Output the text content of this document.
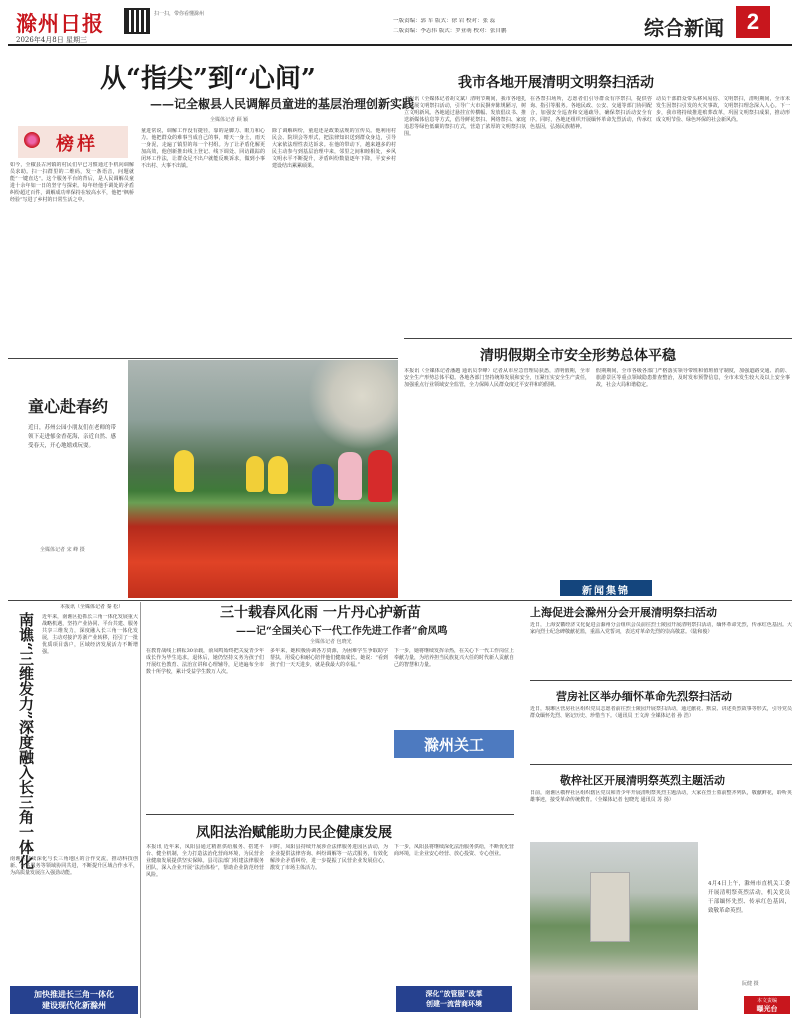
滁州日报
2026年4月8日 星期三
扫一扫，带你看懂滁州
一版责编：郭 军 版式：徐 岩 校对：张 蕊
二版责编：李志伟 版式：罗亚萌 校对：张自鹏	综合新闻	2
从“指尖”到“心间”
——记全椒县人民调解员童进的基层治理创新实践
全媒体记者 顾 颖
榜样
如今，全椒县古河镇的村民们早已习惯通过手机向调解员求助。扫一扫群里的二维码，发一条语音，问题就能“一键直达”。这个服务平台的背后，是人民调解员童进十余年如一日的坚守与探索。每年经他手调处的矛盾纠纷超过百件，调解成功率保持在较高水平，他把“枫桥经验”写进了乡村的日常生活之中。
童进常说，调解工作没有捷径，靠的是脚力、眼力和心力。他把群众的难事当成自己的事，晴天一身土，雨天一身泥，走遍了镇里的每一个村组。为了让矛盾化解更加高效，他创新推出线上登记、线下调处、回访跟踪的闭环工作法，让群众足不出户就能反映诉求，做到小事不出村、大事不出镇。
除了调解纠纷，童进还是政策法规的宣传员。他利用村民会、院坝会等形式，把法律知识送到群众身边，引导大家依法理性表达诉求。在他的带动下，越来越多的村民主动参与到基层治理中来，邻里之间和睦相处，乡风文明水平不断提升，矛盾纠纷数量逐年下降，平安乡村建设结出累累硕果。
我市各地开展清明文明祭扫活动
本报讯（全媒体记者胡文斌）清明节期间，我市各地扎实开展文明祭扫活动，引导广大市民摒弃陈规陋习，树立文明新风。各地通过悬挂宣传横幅、发放倡议书、推送新媒体信息等方式，倡导鲜花祭扫、网络祭扫、家庭追思等绿色低碳的祭扫方式，营造了浓厚的文明祭扫氛围。
在各祭扫场所，志愿者们引导群众有序祭扫，提供咨询、指引等服务。各地民政、公安、交通等部门协同配合，加强安全巡查和交通疏导，确保祭扫活动安全有序。同时，各地还组织开展缅怀革命先烈活动，传承红色基因，弘扬民族精神。
动员干部群众带头移风易俗、文明祭扫，清明期间，全市未发生因祭扫引发的火灾事故，文明祭扫理念深入人心。下一步，我市将持续推进殡葬改革，巩固文明祭扫成果，推动形成文明节俭、绿色环保的社会新风尚。
清明假期全市安全形势总体平稳
本报讯（全媒体记者潘越 通讯员李峰）记者从市应急管理局获悉，清明假期，全市安全生产形势总体平稳。各地各部门坚持统筹发展和安全，压紧压实安全生产责任，加强重点行业领域安全监管，全力保障人民群众度过平安祥和的假期。
假期期间，全市各级各部门严格落实领导带班和值班值守制度，加强道路交通、消防、旅游景区等重点领域隐患排查整治，及时发布预警信息，全市未发生较大及以上安全事故，社会大局和谐稳定。
童心赴春约
近日，苏州公园小朋友们在老师的带领下走进郁金香花海，亲近自然、感受春天，开心地嬉戏玩耍。
全媒体记者 宋 峰 摄
三十载春风化雨 一片丹心护新苗
——记“全国关心下一代工作先进工作者”俞凤鸣
全媒体记者 包晓光
在教育战线上耕耘30余载，俞凤鸣始终把关爱青少年成长作为毕生追求。退休后，她仍坚持义务为孩子们开展红色教育、法治宣讲和心理辅导，足迹遍布全市数十所学校，累计受益学生数万人次。
多年来，她积极协调各方资源，为困难学生争取助学帮扶，用爱心和耐心陪伴他们健康成长。她说：“看到孩子们一天天进步，就是我最大的幸福。”
下一步，她将继续发挥余热，在关心下一代工作岗位上奉献力量，为培养担当民族复兴大任的时代新人贡献自己的智慧和力量。
滁州关工
凤阳法治赋能助力民企健康发展
本报讯 近年来，凤阳县通过精准供给服务、搭建平台、健全机制，全力打造法治化营商环境，为民营企业健康发展提供坚实保障。县司法部门组建法律服务团队，深入企业开展“法治体检”，帮助企业防范经营风险。
同时，凤阳县持续开展涉企法律服务进园区活动，为企业提供法律咨询、纠纷调解等一站式服务，有效化解涉企矛盾纠纷，进一步提振了民营企业发展信心，激发了市场主体活力。
下一步，凤阳县将继续深化法治服务供给，不断优化营商环境，让企业安心经营、放心投资、专心创业。
深化“放管服”改革
创建一流营商环境
新闻集锦
上海促进会滁州分会开展清明祭扫活动
近日，上海安徽经济文化促进会滁州分会组织会员前往烈士陵园开展清明祭扫活动，缅怀革命先烈，传承红色基因。大家向烈士纪念碑敬献花篮，重温入党誓词，表达对革命先烈的崇高敬意。（陆和俊）
营房社区举办缅怀革命先烈祭扫活动
近日，琅琊区营房社区组织党员志愿者前往烈士陵园开展祭扫活动，通过献花、默哀、讲述英烈故事等形式，引导党员群众缅怀先烈、铭记历史、珍惜当下。（通讯员 王文涛 全媒体记者 孙 浩）
敬梓社区开展清明祭英烈主题活动
日前，南谯区敬梓社区组织辖区党员和青少年开展清明祭英烈主题活动，大家在烈士墓前整齐列队，敬献鲜花，聆听英雄事迹，接受革命传统教育。（全媒体记者 包晓光 通讯员 苏 扬）
4月4日上午，滁州市直机关工委开展清明祭英烈活动，机关党员干部缅怀先烈、传承红色基因，致敬革命英烈。
阮健 摄
本文责编
曝光台
本报讯（全媒体记者 秦 松）
南谯“三维发力”深度融入长三角一体化 近年来，南谯区抢抓长三角一体化发展重大战略机遇，坚持产业协同、平台共建、服务共享三维发力，深度融入长三角一体化发展，主动对接沪苏浙产业转移，招引了一批优质项目落户，区域经济发展活力不断增强。
南谯区持续深化与长三角地区的合作交流，推动科技创新、公共服务等领域协同共进，不断提升区域合作水平，为高质量发展注入强劲动能。
加快推进长三角一体化
建设现代化新滁州
